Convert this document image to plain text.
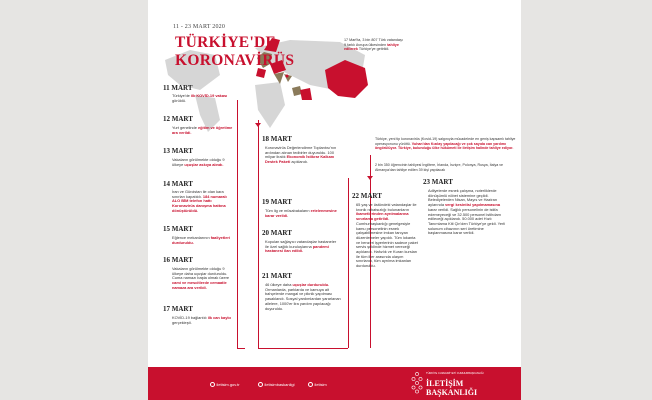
11 - 23 MART 2020
TÜRKİYE'DE
KORONAVİRÜS
17 Mart'ta, 3 bin 807 Türk vatandaşı 9 farklı Avrupa ülkesinden tahliye edilerek Türkiye'ye getirildi.
Türkiye, yeni tip koronavirüs (Kovid-19) salgınıyla mücadelede en geniş kapsamlı tahliye operasyonunu yürüttü. Vuhan'dan Kızılay yapılacağı ve çok sayıda can yardımı öngörülüyor. Türkiye, bulunduğu ülke hükümeti ile iletişim halinde tahliye ediyor.
2 bin 350 öğrencinin tahliyesi İngiltere, İrlanda, İsviçre, Polonya, Rusya, İtalya ve Almanya'dan tahliye edilen 39 kişi yapılacak
11 MART
Türkiye'de ilk KOVİD-19 vakası görüldü.
12 MART
Yurt genelinde eğitim ve öğretime ara verildi.
13 MART
Vakaların görülmekte olduğu 9 ülkeye uçuşlar askıya alındı.
14 MART
İran ve Gürcistan ile olan kara sınırları kapatıldı. 184 numaralı ALO BİM telefon hattı Koronavirüs danışma hattına dönüştürüldü.
15 MART
Eğlence mekanlarının faaliyetleri durduruldu.
16 MART
Vakaların görülmekte olduğu 9 ülkeye daha uçuşlar durduruldu. Cuma namazı başta olmak üzere cami ve mescitlerde cemaatle namaza ara verildi.
17 MART
KOVİD-19 bağlantılı ilk can kaybı gerçekleşti.
18 MART
Koronavirüs Değerlendirme Toplantısı'nın ardından alınan tedbirler duyuruldu. 100 milyar liralık Ekonomik İstikrar Kalkanı Destek Paketi açıklandı.
19 MART
Tüm lig ve müsabakaların ertelenmesine karar verildi.
20 MART
Kopulan sağlayıcı vatandaşlar hastaneler ile özel sağlık kuruluşlarına pandemi hastanesi ilan edildi.
21 MART
46 ülkeye daha uçuşlar durduruldu. Ormanlarda, parklarda ve kamuya ait bahçelerde mangal ve piknik yapılması yasaklandı. Sosyal yardımlardan yararlanan ailelere, 1000'er lira yardım yapılacağı duyuruldu.
22 MART
65 yaş ve üstündeki vatandaşlar ile kronik rahatsızlığı bulunanların ikametlerinden ayrılmalarına sınırlama getirildi. Cumhurbaşkanlığı genelgesiyle kamu personelinin esnek çalışabilmesine imkan tanıyan düzenlemeler yapıldı. Tüm lokanta ve benzeri işyerlerinin sadece paket servis şeklinde hizmet vereceği açıklandı. Hafızlık ve Kuran kursları ile tüm iller arasında ulaşım sınırlandı, tüm ayrılma imkanları durduruldu.
23 MART
Adliyelerde esnek çalışma, noterliklerde dönüşümlü nöbet sistemine geçildi. Belediyelerden Nisan, Mayıs ve Haziran aylarında vergi kesintisi yapılmamasına karar verildi. Sağlık personelinin de istifa edemeyeceği ve 32.500 personel istihdam edileceği açıklandı. 50.000 adet Hızlı Tanımlama Kiti Çin'den Türkiye'ye geldi. Yerli solunum cihazının seri üretimine başlanmasına karar verildi.
iletisim.gov.tr	iletisimbaskanligi	iletisim
TÜRKİYE CUMHURİYETİ CUMHURBAŞKANLIĞI
İLETİŞİM
BAŞKANLIĞI
